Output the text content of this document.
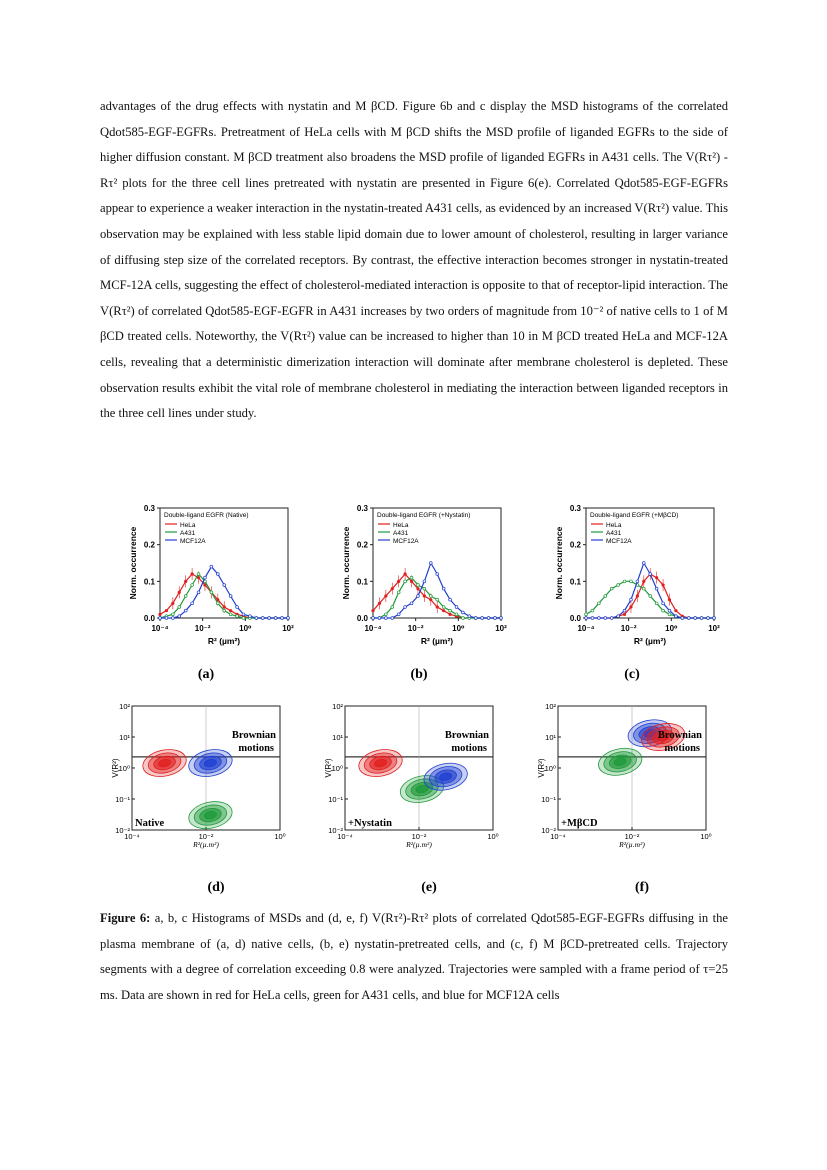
advantages of the drug effects with nystatin and M βCD. Figure 6b and c display the MSD histograms of the correlated Qdot585-EGF-EGFRs. Pretreatment of HeLa cells with M βCD shifts the MSD profile of liganded EGFRs to the side of higher diffusion constant. M βCD treatment also broadens the MSD profile of liganded EGFRs in A431 cells. The V(Rτ²) -Rτ² plots for the three cell lines pretreated with nystatin are presented in Figure 6(e). Correlated Qdot585-EGF-EGFRs appear to experience a weaker interaction in the nystatin-treated A431 cells, as evidenced by an increased V(Rτ²) value. This observation may be explained with less stable lipid domain due to lower amount of cholesterol, resulting in larger variance of diffusing step size of the correlated receptors. By contrast, the effective interaction becomes stronger in nystatin-treated MCF-12A cells, suggesting the effect of cholesterol-mediated interaction is opposite to that of receptor-lipid interaction. The V(Rτ²) of correlated Qdot585-EGF-EGFR in A431 increases by two orders of magnitude from 10⁻² of native cells to 1 of M βCD treated cells. Noteworthy, the V(Rτ²) value can be increased to higher than 10 in M βCD treated HeLa and MCF-12A cells, revealing that a deterministic dimerization interaction will dominate after membrane cholesterol is depleted. These observation results exhibit the vital role of membrane cholesterol in mediating the interaction between liganded receptors in the three cell lines under study.

0.0
0.1
0.2
0.3
10⁻⁴	10⁻²	10⁰	10²
Norm. occurrence
R² (µm²)
Double-ligand EGFR (Native)
HeLa
A431
MCF12A
(a)
0.0
0.1
0.2
0.3
10⁻⁴	10⁻²	10⁰	10²
Norm. occurrence
R² (µm²)
Double-ligand EGFR (+Nystatin)
HeLa
A431
MCF12A
(b)
0.0
0.1
0.2
0.3
10⁻⁴	10⁻²	10⁰	10²
Norm. occurrence
R² (µm²)
Double-ligand EGFR (+MβCD)
HeLa
A431
MCF12A
(c)
10²
10¹
10⁰
10⁻¹
10⁻²
10⁻⁴	10⁻²	10⁰
V(R²)
R²(µ.m²)
Brownian
motions
Native
(d)
10²
10¹
10⁰
10⁻¹
10⁻²
10⁻⁴	10⁻²	10⁰
V(R²)
R²(µ.m²)
Brownian
motions
+Nystatin
(e)
10²
10¹
10⁰
10⁻¹
10⁻²
10⁻⁴	10⁻²	10⁰
V(R²)
R²(µ.m²)
Brownian
motions
+MβCD
(f)

Figure 6: a, b, c Histograms of MSDs and (d, e, f) V(Rτ²)-Rτ² plots of correlated Qdot585-EGF-EGFRs diffusing in the plasma membrane of (a, d) native cells, (b, e) nystatin-pretreated cells, and (c, f) M βCD-pretreated cells. Trajectory segments with a degree of correlation exceeding 0.8 were analyzed. Trajectories were sampled with a frame period of τ=25 ms. Data are shown in red for HeLa cells, green for A431 cells, and blue for MCF12A cells
